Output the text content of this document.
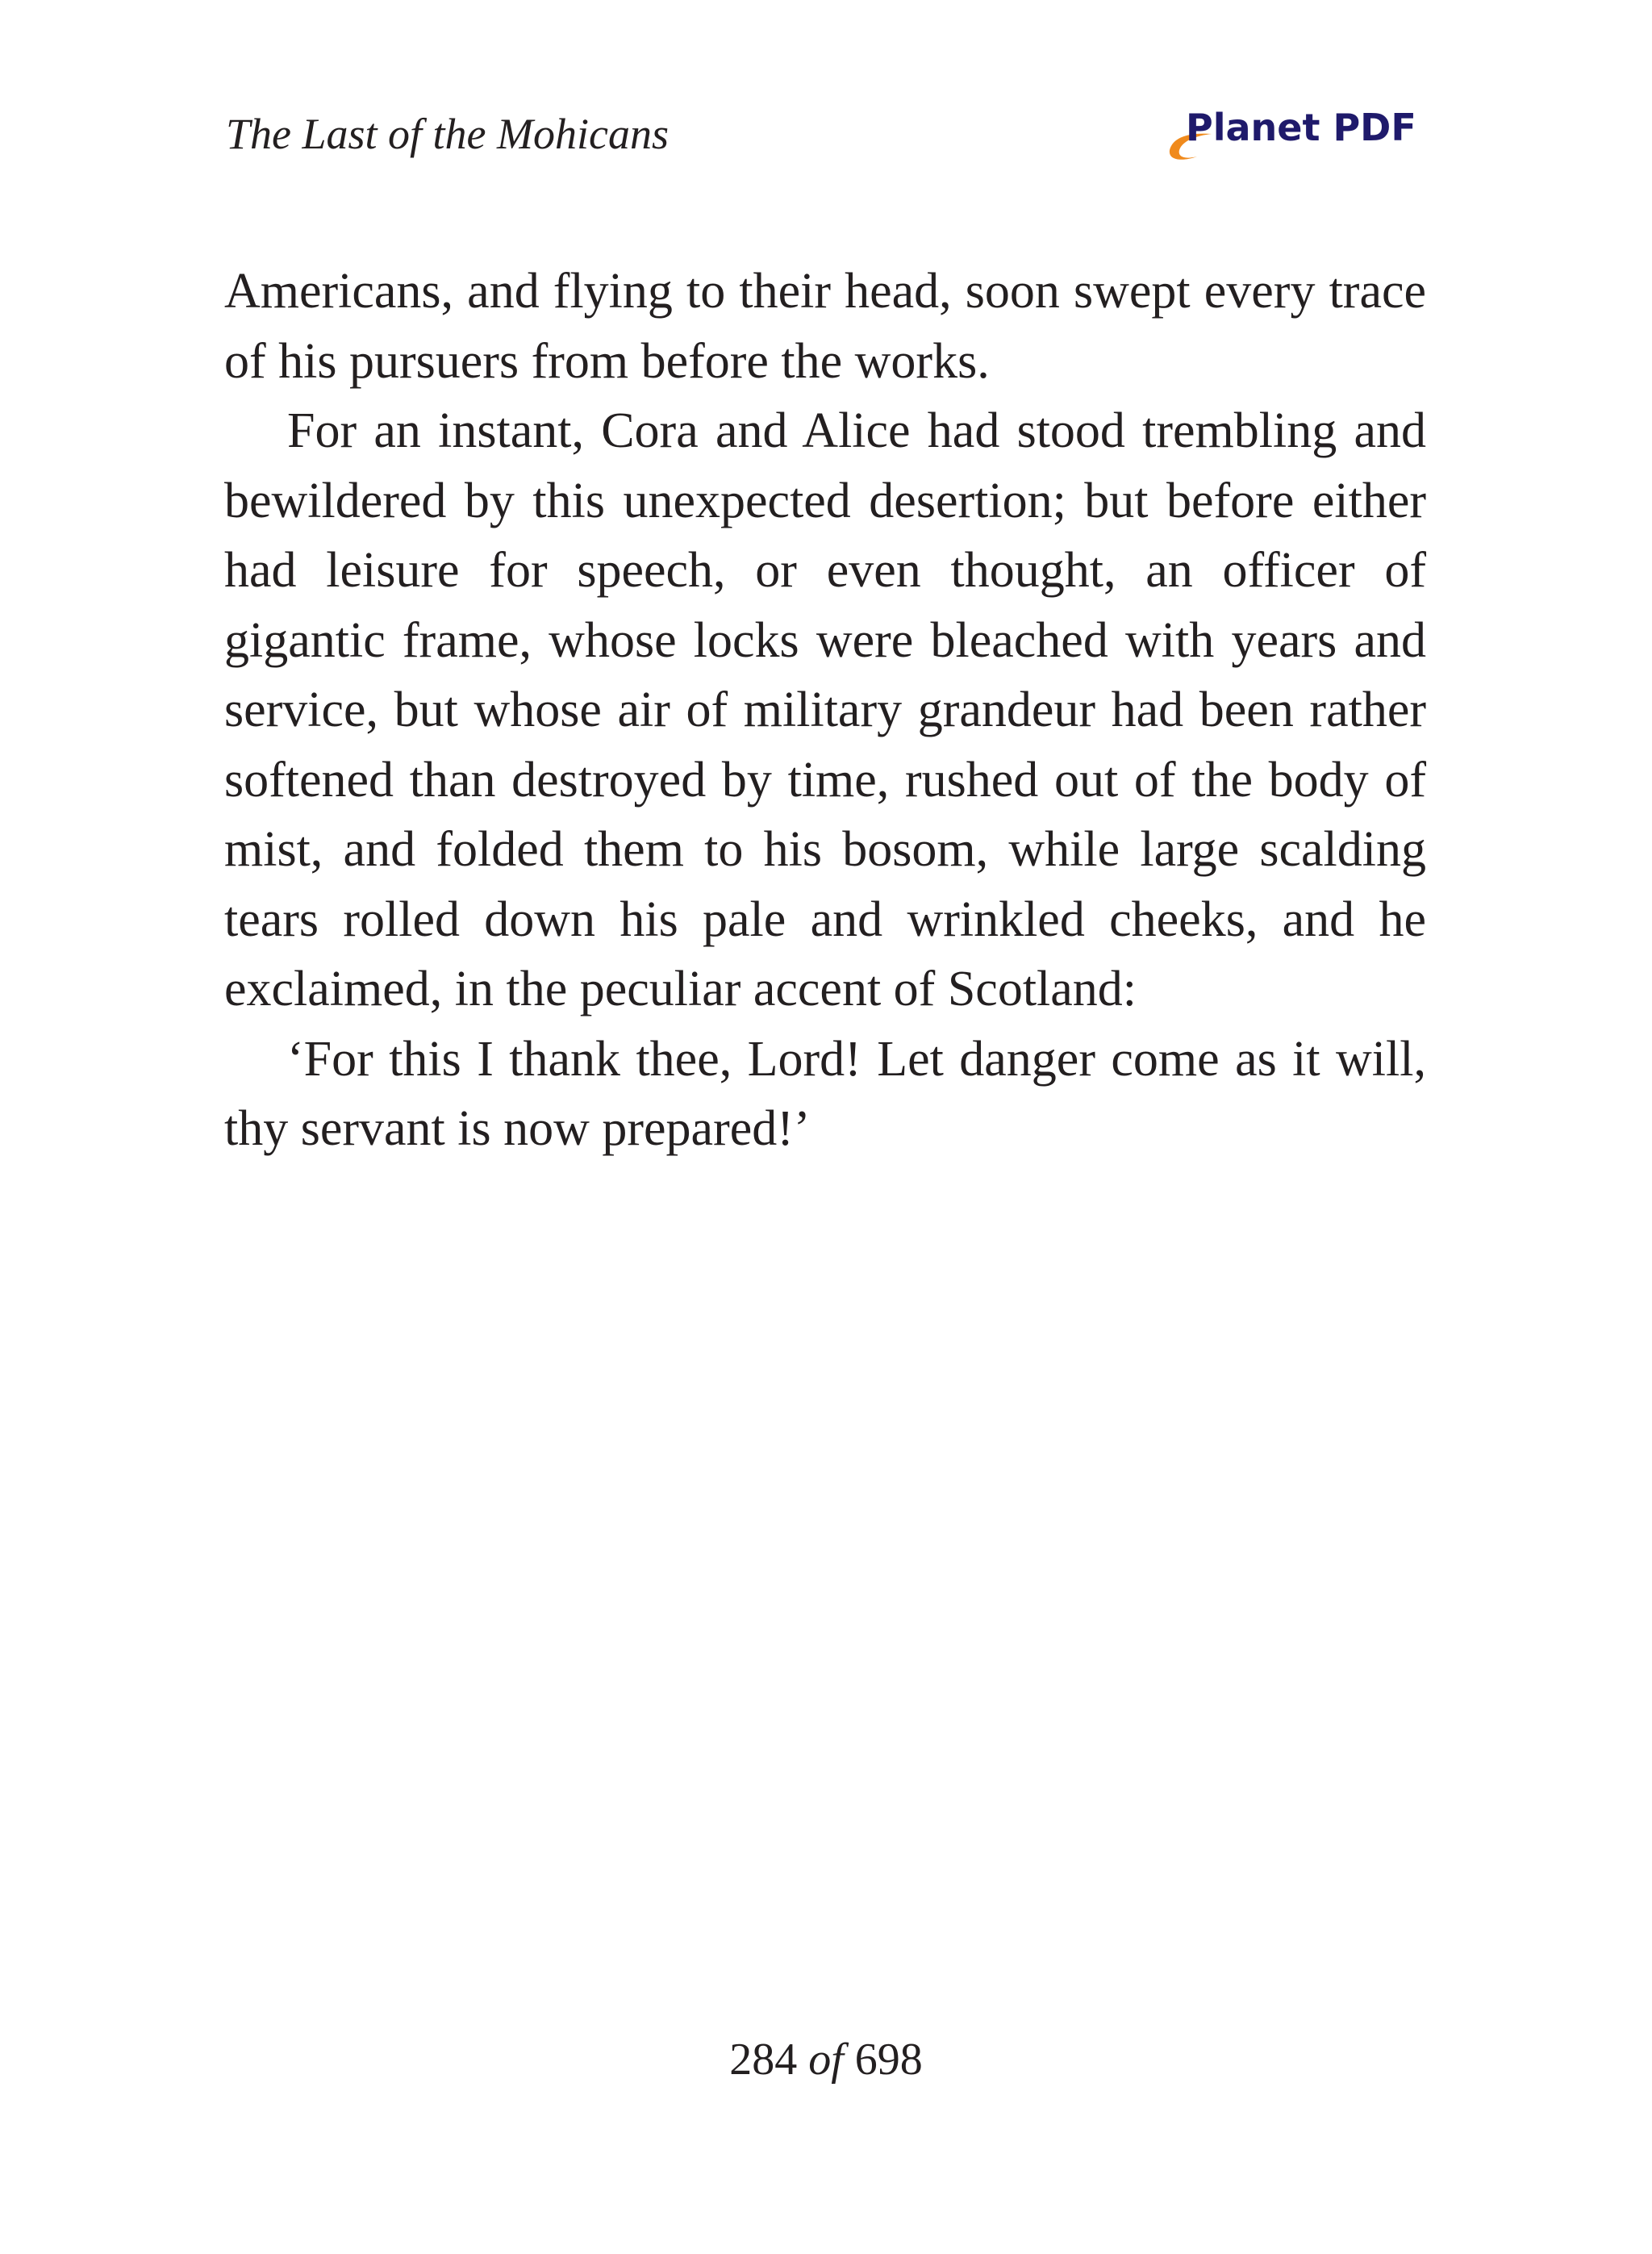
The Last of the Mohicans	Planet PDF

Americans, and flying to their head, soon swept every trace of his pursuers from before the works.

For an instant, Cora and Alice had stood trembling and bewildered by this unexpected desertion; but before either had leisure for speech, or even thought, an officer of gigantic frame, whose locks were bleached with years and service, but whose air of military grandeur had been rather softened than destroyed by time, rushed out of the body of mist, and folded them to his bosom, while large scalding tears rolled down his pale and wrinkled cheeks, and he exclaimed, in the peculiar accent of Scotland:

‘For this I thank thee, Lord! Let danger come as it will, thy servant is now prepared!’

284 of 698
